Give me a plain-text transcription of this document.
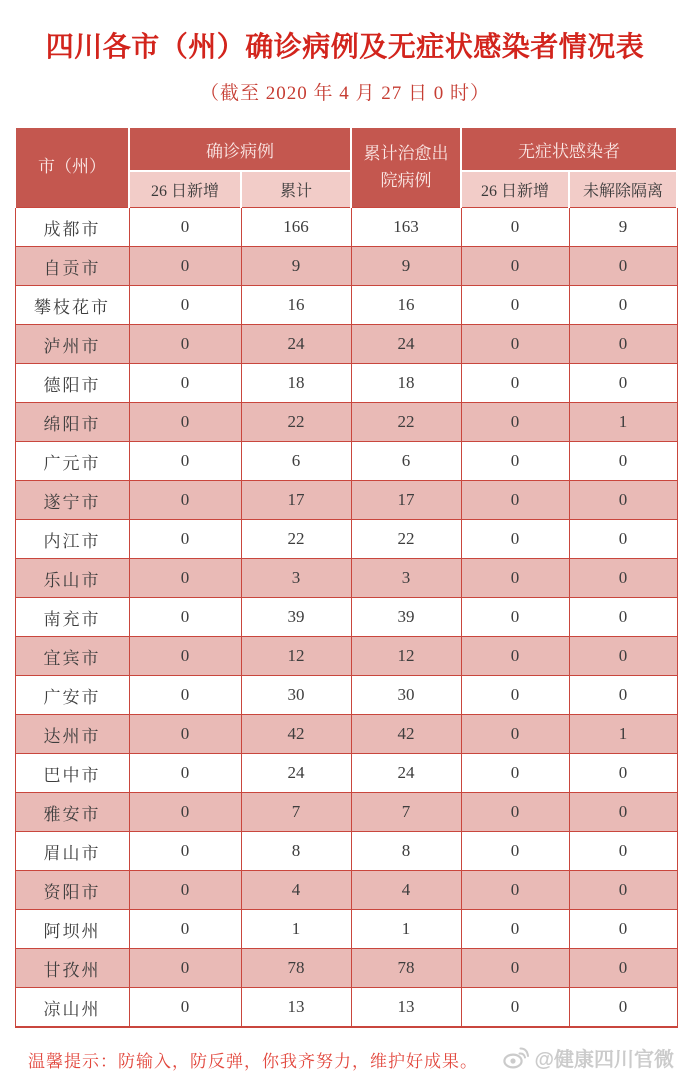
四川各市（州）确诊病例及无症状感染者情况表
（截至 2020 年 4 月 27 日 0 时）
市（州）	确诊病例		累计治愈出院病例	无症状感染者	
	26 日新增	累计		26 日新增	未解除隔离
成都市	0	166	163	0	9
自贡市	0	9	9	0	0
攀枝花市	0	16	16	0	0
泸州市	0	24	24	0	0
德阳市	0	18	18	0	0
绵阳市	0	22	22	0	1
广元市	0	6	6	0	0
遂宁市	0	17	17	0	0
内江市	0	22	22	0	0
乐山市	0	3	3	0	0
南充市	0	39	39	0	0
宜宾市	0	12	12	0	0
广安市	0	30	30	0	0
达州市	0	42	42	0	1
巴中市	0	24	24	0	0
雅安市	0	7	7	0	0
眉山市	0	8	8	0	0
资阳市	0	4	4	0	0
阿坝州	0	1	1	0	0
甘孜州	0	78	78	0	0
凉山州	0	13	13	0	0
温馨提示：防输入，防反弹，你我齐努力，维护好成果。	@健康四川官微
